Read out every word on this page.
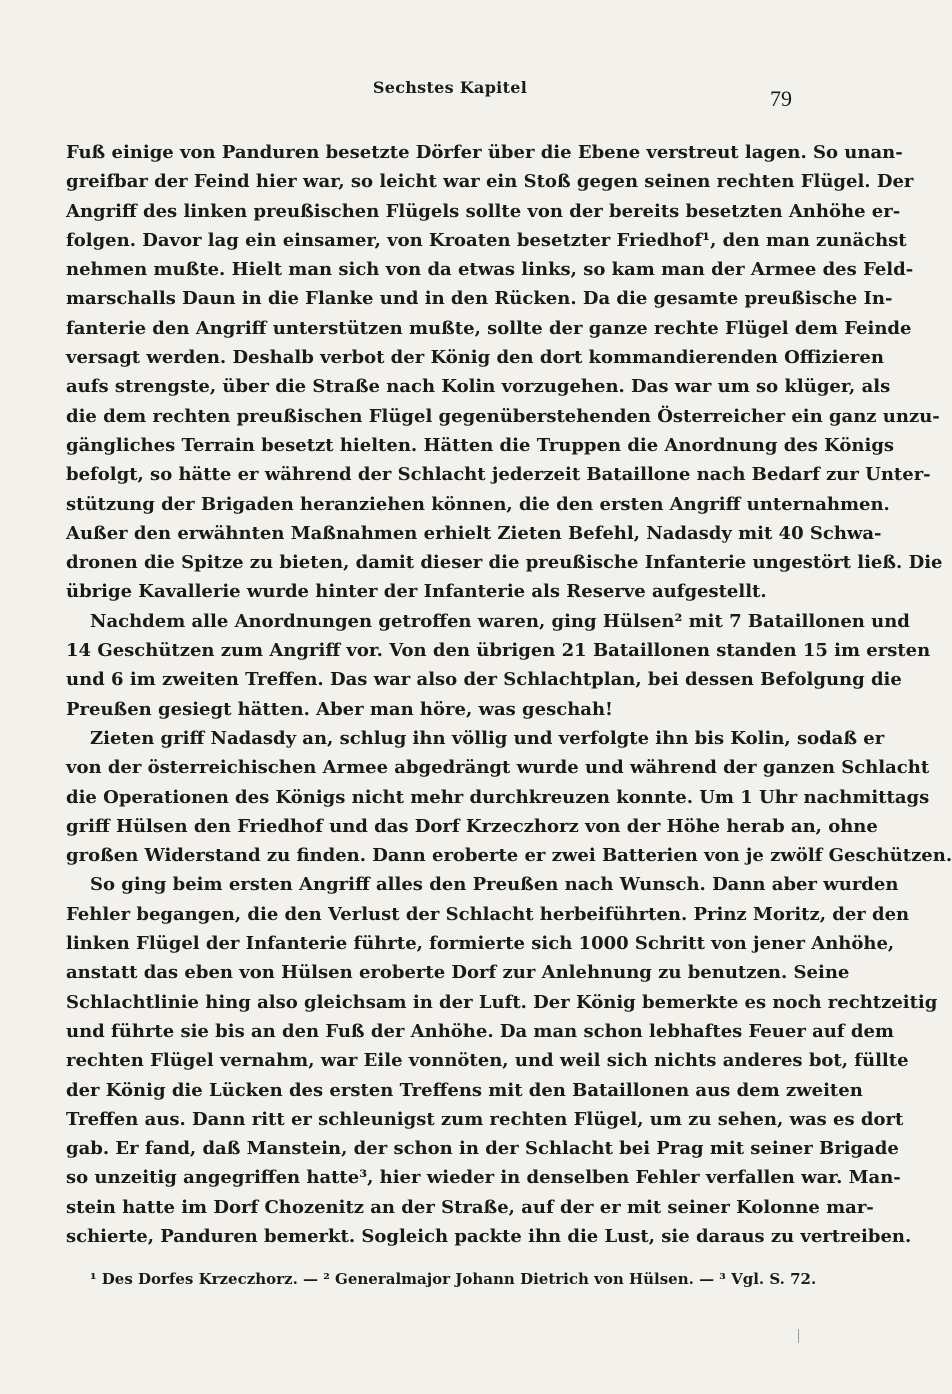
Sechstes Kapitel	79
Fuß einige von Panduren besetzte Dörfer über die Ebene verstreut lagen. So unan-
greifbar der Feind hier war, so leicht war ein Stoß gegen seinen rechten Flügel. Der
Angriff des linken preußischen Flügels sollte von der bereits besetzten Anhöhe er-
folgen. Davor lag ein einsamer, von Kroaten besetzter Friedhof¹, den man zunächst
nehmen mußte. Hielt man sich von da etwas links, so kam man der Armee des Feld-
marschalls Daun in die Flanke und in den Rücken. Da die gesamte preußische In-
fanterie den Angriff unterstützen mußte, sollte der ganze rechte Flügel dem Feinde
versagt werden. Deshalb verbot der König den dort kommandierenden Offizieren
aufs strengste, über die Straße nach Kolin vorzugehen. Das war um so klüger, als
die dem rechten preußischen Flügel gegenüberstehenden Österreicher ein ganz unzu-
gängliches Terrain besetzt hielten. Hätten die Truppen die Anordnung des Königs
befolgt, so hätte er während der Schlacht jederzeit Bataillone nach Bedarf zur Unter-
stützung der Brigaden heranziehen können, die den ersten Angriff unternahmen.
Außer den erwähnten Maßnahmen erhielt Zieten Befehl, Nadasdy mit 40 Schwa-
dronen die Spitze zu bieten, damit dieser die preußische Infanterie ungestört ließ. Die
übrige Kavallerie wurde hinter der Infanterie als Reserve aufgestellt.
Nachdem alle Anordnungen getroffen waren, ging Hülsen² mit 7 Bataillonen und
14 Geschützen zum Angriff vor. Von den übrigen 21 Bataillonen standen 15 im ersten
und 6 im zweiten Treffen. Das war also der Schlachtplan, bei dessen Befolgung die
Preußen gesiegt hätten. Aber man höre, was geschah!
Zieten griff Nadasdy an, schlug ihn völlig und verfolgte ihn bis Kolin, sodaß er
von der österreichischen Armee abgedrängt wurde und während der ganzen Schlacht
die Operationen des Königs nicht mehr durchkreuzen konnte. Um 1 Uhr nachmittags
griff Hülsen den Friedhof und das Dorf Krzeczhorz von der Höhe herab an, ohne
großen Widerstand zu finden. Dann eroberte er zwei Batterien von je zwölf Geschützen.
So ging beim ersten Angriff alles den Preußen nach Wunsch. Dann aber wurden
Fehler begangen, die den Verlust der Schlacht herbeiführten. Prinz Moritz, der den
linken Flügel der Infanterie führte, formierte sich 1000 Schritt von jener Anhöhe,
anstatt das eben von Hülsen eroberte Dorf zur Anlehnung zu benutzen. Seine
Schlachtlinie hing also gleichsam in der Luft. Der König bemerkte es noch rechtzeitig
und führte sie bis an den Fuß der Anhöhe. Da man schon lebhaftes Feuer auf dem
rechten Flügel vernahm, war Eile vonnöten, und weil sich nichts anderes bot, füllte
der König die Lücken des ersten Treffens mit den Bataillonen aus dem zweiten
Treffen aus. Dann ritt er schleunigst zum rechten Flügel, um zu sehen, was es dort
gab. Er fand, daß Manstein, der schon in der Schlacht bei Prag mit seiner Brigade
so unzeitig angegriffen hatte³, hier wieder in denselben Fehler verfallen war. Man-
stein hatte im Dorf Chozenitz an der Straße, auf der er mit seiner Kolonne mar-
schierte, Panduren bemerkt. Sogleich packte ihn die Lust, sie daraus zu vertreiben.
¹ Des Dorfes Krzeczhorz. — ² Generalmajor Johann Dietrich von Hülsen. — ³ Vgl. S. 72.
